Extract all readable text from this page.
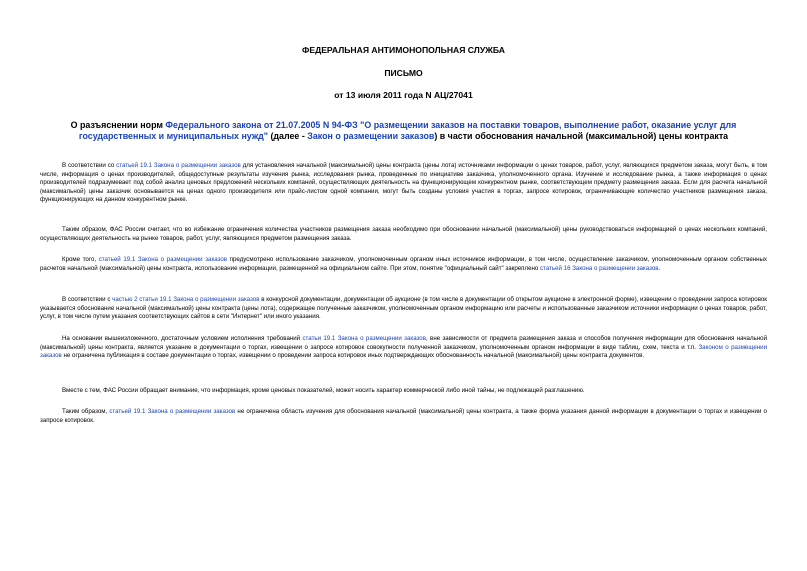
ФЕДЕРАЛЬНАЯ АНТИМОНОПОЛЬНАЯ СЛУЖБА
ПИСЬМО
от 13 июля 2011 года N АЦ/27041
О разъяснении норм Федерального закона от 21.07.2005 N 94-ФЗ "О размещении заказов на поставки товаров, выполнение работ, оказание услуг для государственных и муниципальных нужд" (далее - Закон о размещении заказов) в части обоснования начальной (максимальной) цены контракта

В соответствии со статьей 19.1 Закона о размещении заказов для установления начальной (максимальной) цены контракта (цены лота) источниками информации о ценах товаров, работ, услуг, являющихся предметом заказа, могут быть, в том числе, информация о ценах производителей, общедоступные результаты изучения рынка, исследования рынка, проведенные по инициативе заказчика, уполномоченного органа. Изучение и исследование рынка, а также информация о ценах производителей подразумевает под собой анализ ценовых предложений нескольких компаний, осуществляющих деятельность на функционирующем конкурентном рынке, соответствующем предмету размещения заказа. Если для расчета начальной (максимальной) цены заказчик основывается на ценах одного производителя или прайс-листом одной компании, могут быть созданы условия участия в торгах, запросе котировок, ограничивающие количество участников размещения заказа, функционирующих на данном конкурентном рынке.

Таким образом, ФАС России считает, что во избежание ограничения количества участников размещения заказа необходимо при обосновании начальной (максимальной) цены руководствоваться информацией о ценах нескольких компаний, осуществляющих деятельность на рынке товаров, работ, услуг, являющихся предметом размещения заказа.

Кроме того, статьей 19.1 Закона о размещении заказов предусмотрено использование заказчиком, уполномоченным органом иных источников информации, в том числе, осуществление заказчиком, уполномоченным органом собственных расчетов начальной (максимальной) цены контракта, использование информации, размещенной на официальном сайте. При этом, понятие "официальный сайт" закреплено статьей 16 Закона о размещении заказов.

В соответствии с частью 2 статьи 19.1 Закона о размещении заказов в конкурсной документации, документации об аукционе (в том числе в документации об открытом аукционе в электронной форме), извещении о проведении запроса котировок указывается обоснование начальной (максимальной) цены контракта (цены лота), содержащее полученные заказчиком, уполномоченным органом информацию или расчеты и использованные заказчиком источники информации о ценах товаров, работ, услуг, в том числе путем указания соответствующих сайтов в сети "Интернет" или иного указания.

На основании вышеизложенного, достаточным условием исполнения требований статьи 19.1 Закона о размещении заказов, вне зависимости от предмета размещения заказа и способов получения информации для обоснования начальной (максимальной) цены контракта, является указание в документации о торгах, извещении о запросе котировок совокупности полученной заказчиком, уполномоченным органом информации в виде таблиц, схем, текста и т.п. Законом о размещении заказов не ограничена публикация в составе документации о торгах, извещении о проведении запроса котировок иных подтверждающих обоснованность начальной (максимальной) цены контракта документов.

Вместе с тем, ФАС России обращает внимание, что информация, кроме ценовых показателей, может носить характер коммерческой либо иной тайны, не подлежащей разглашению.

Таким образом, статьей 19.1 Закона о размещении заказов не ограничена область изучения для обоснования начальной (максимальной) цены контракта, а также форма указания данной информации в документации о торгах и извещении о запросе котировок.
